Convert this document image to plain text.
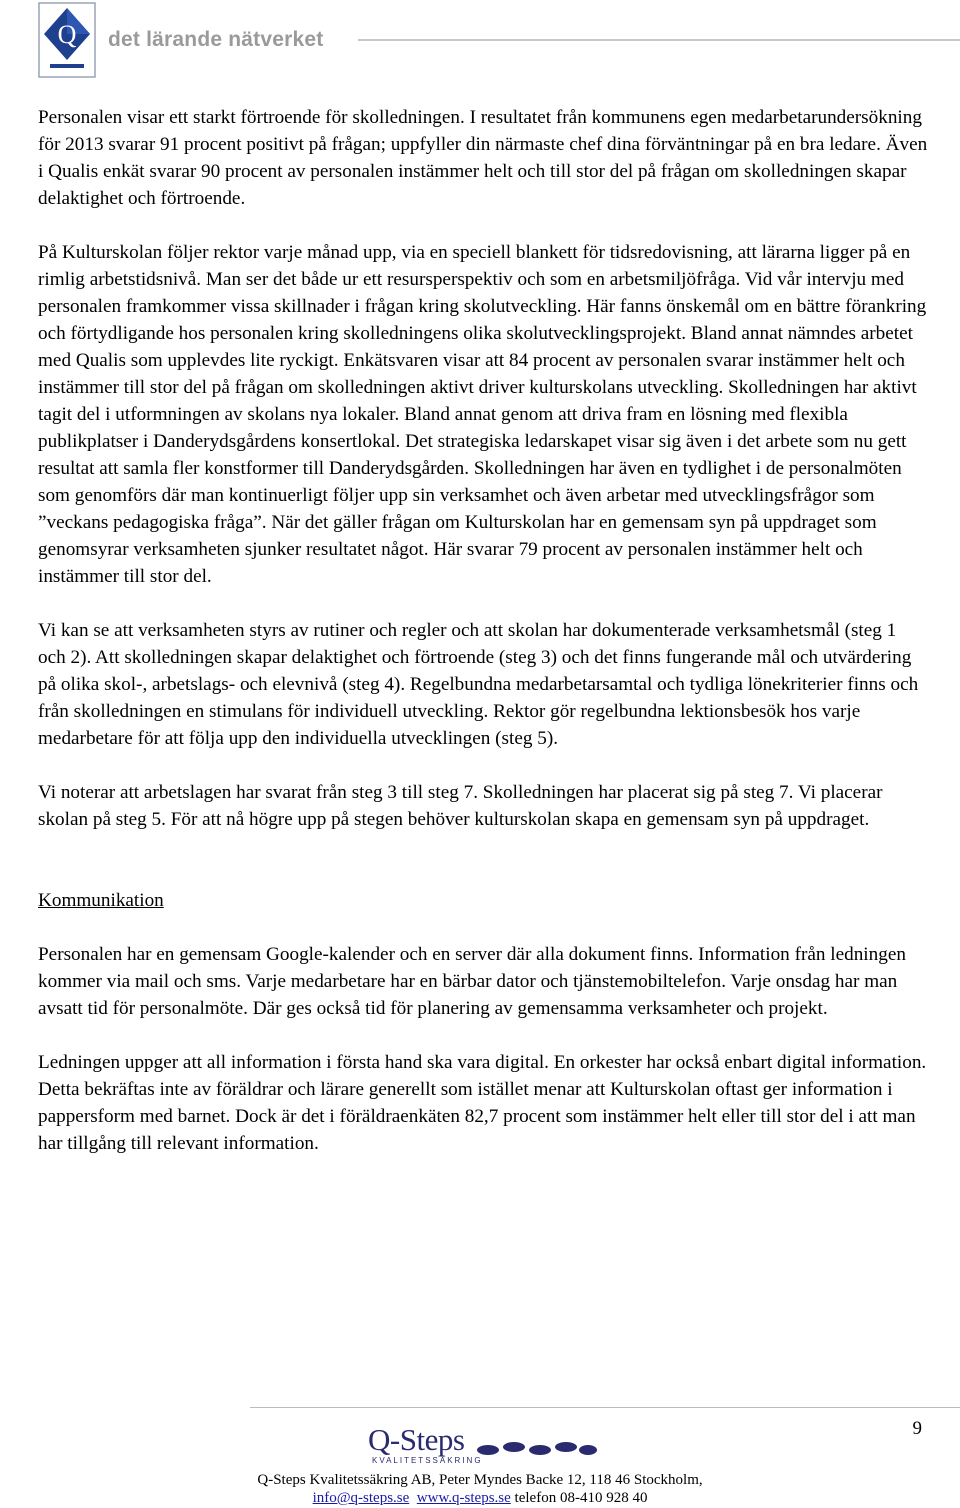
Q det lärande nätverket

Personalen visar ett starkt förtroende för skolledningen. I resultatet från kommunens egen medarbetarundersökning för 2013 svarar 91 procent positivt på frågan; uppfyller din närmaste chef dina förväntningar på en bra ledare. Även i Qualis enkät svarar 90 procent av personalen instämmer helt och till stor del på frågan om skolledningen skapar delaktighet och förtroende.

På Kulturskolan följer rektor varje månad upp, via en speciell blankett för tidsredovisning, att lärarna ligger på en rimlig arbetstidsnivå. Man ser det både ur ett resursperspektiv och som en arbetsmiljöfråga. Vid vår intervju med personalen framkommer vissa skillnader i frågan kring skolutveckling. Här fanns önskemål om en bättre förankring och förtydligande hos personalen kring skolledningens olika skolutvecklingsprojekt. Bland annat nämndes arbetet med Qualis som upplevdes lite ryckigt. Enkätsvaren visar att 84 procent av personalen svarar instämmer helt och instämmer till stor del på frågan om skolledningen aktivt driver kulturskolans utveckling. Skolledningen har aktivt tagit del i utformningen av skolans nya lokaler. Bland annat genom att driva fram en lösning med flexibla publikplatser i Danderydsgårdens konsertlokal. Det strategiska ledarskapet visar sig även i det arbete som nu gett resultat att samla fler konstformer till Danderydsgården. Skolledningen har även en tydlighet i de personalmöten som genomförs där man kontinuerligt följer upp sin verksamhet och även arbetar med utvecklingsfrågor som ”veckans pedagogiska fråga”. När det gäller frågan om Kulturskolan har en gemensam syn på uppdraget som genomsyrar verksamheten sjunker resultatet något. Här svarar 79 procent av personalen instämmer helt och instämmer till stor del.

Vi kan se att verksamheten styrs av rutiner och regler och att skolan har dokumenterade verksamhetsmål (steg 1 och 2). Att skolledningen skapar delaktighet och förtroende (steg 3) och det finns fungerande mål och utvärdering på olika skol-, arbetslags- och elevnivå (steg 4). Regelbundna medarbetarsamtal och tydliga lönekriterier finns och från skolledningen en stimulans för individuell utveckling. Rektor gör regelbundna lektionsbesök hos varje medarbetare för att följa upp den individuella utvecklingen (steg 5).

Vi noterar att arbetslagen har svarat från steg 3 till steg 7. Skolledningen har placerat sig på steg 7. Vi placerar skolan på steg 5. För att nå högre upp på stegen behöver kulturskolan skapa en gemensam syn på uppdraget.

Kommunikation

Personalen har en gemensam Google-kalender och en server där alla dokument finns. Information från ledningen kommer via mail och sms. Varje medarbetare har en bärbar dator och tjänstemobiltelefon. Varje onsdag har man avsatt tid för personalmöte. Där ges också tid för planering av gemensamma verksamheter och projekt.

Ledningen uppger att all information i första hand ska vara digital. En orkester har också enbart digital information. Detta bekräftas inte av föräldrar och lärare generellt som istället menar att Kulturskolan oftast ger information i pappersform med barnet. Dock är det i föräldraenkäten 82,7 procent som instämmer helt eller till stor del i att man har tillgång till relevant information.

9
Q-Steps
KVALITETSSÄKRING
Q-Steps Kvalitetssäkring AB, Peter Myndes Backe 12, 118 46 Stockholm,
info@q-steps.se www.q-steps.se telefon 08-410 928 40
